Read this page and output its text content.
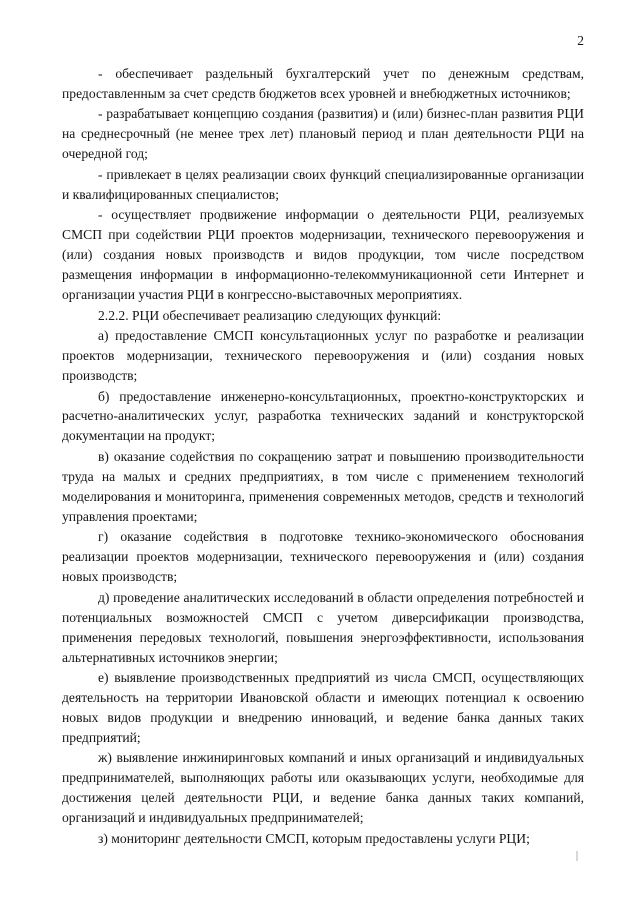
2

- обеспечивает раздельный бухгалтерский учет по денежным средствам, предоставленным за счет средств бюджетов всех уровней и внебюджетных источников;

- разрабатывает концепцию создания (развития) и (или) бизнес-план развития РЦИ на среднесрочный (не менее трех лет) плановый период и план деятельности РЦИ на очередной год;

- привлекает в целях реализации своих функций специализированные организации и квалифицированных специалистов;

- осуществляет продвижение информации о деятельности РЦИ, реализуемых СМСП при содействии РЦИ проектов модернизации, технического перевооружения и (или) создания новых производств и видов продукции, том числе посредством размещения информации в информационно-телекоммуникационной сети Интернет и организации участия РЦИ в конгрессно-выставочных мероприятиях.

2.2.2. РЦИ обеспечивает реализацию следующих функций:

а) предоставление СМСП консультационных услуг по разработке и реализации проектов модернизации, технического перевооружения и (или) создания новых производств;

б) предоставление инженерно-консультационных, проектно-конструкторских и расчетно-аналитических услуг, разработка технических заданий и конструкторской документации на продукт;

в) оказание содействия по сокращению затрат и повышению производительности труда на малых и средних предприятиях, в том числе с применением технологий моделирования и мониторинга, применения современных методов, средств и технологий управления проектами;

г) оказание содействия в подготовке технико-экономического обоснования реализации проектов модернизации, технического перевооружения и (или) создания новых производств;

д) проведение аналитических исследований в области определения потребностей и потенциальных возможностей СМСП с учетом диверсификации производства, применения передовых технологий, повышения энергоэффективности, использования альтернативных источников энергии;

е) выявление производственных предприятий из числа СМСП, осуществляющих деятельность на территории Ивановской области и имеющих потенциал к освоению новых видов продукции и внедрению инноваций, и ведение банка данных таких предприятий;

ж) выявление инжиниринговых компаний и иных организаций и индивидуальных предпринимателей, выполняющих работы или оказывающих услуги, необходимые для достижения целей деятельности РЦИ, и ведение банка данных таких компаний, организаций и индивидуальных предпринимателей;

з) мониторинг деятельности СМСП, которым предоставлены услуги РЦИ;
